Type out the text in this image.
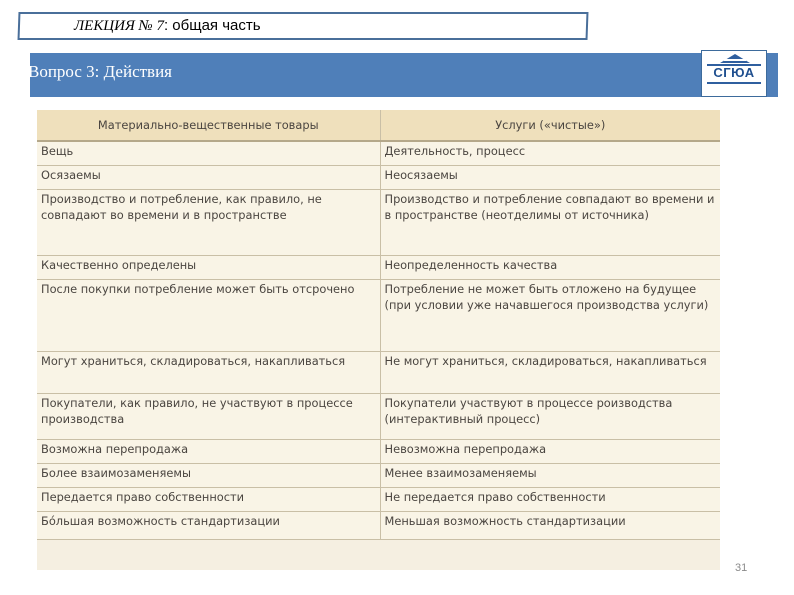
ЛЕКЦИЯ № 7: общая часть
Вопрос 3: Действия	СГЮА
Материально-вещественные товары	Услуги («чистые»)
Вещь	Деятельность, процесс
Осязаемы	Неосязаемы
Производство и потребление, как правило, не совпадают во времени и в пространстве	Производство и потребление совпадают во времени и в пространстве (неотделимы от источника)
Качественно определены	Неопределенность качества
После покупки потребление может быть отсрочено	Потребление не может быть отложено на будущее (при условии уже начавшегося производства услуги)
Могут храниться, складироваться, накапливаться	Не могут храниться, складироваться, накапливаться
Покупатели, как правило, не участвуют в процессе производства	Покупатели участвуют в процессе роизводства (интерактивный процесс)
Возможна перепродажа	Невозможна перепродажа
Более взаимозаменяемы	Менее взаимозаменяемы
Передается право собственности	Не передается право собственности
Бóльшая возможность стандартизации	Меньшая возможность стандартизации
31
